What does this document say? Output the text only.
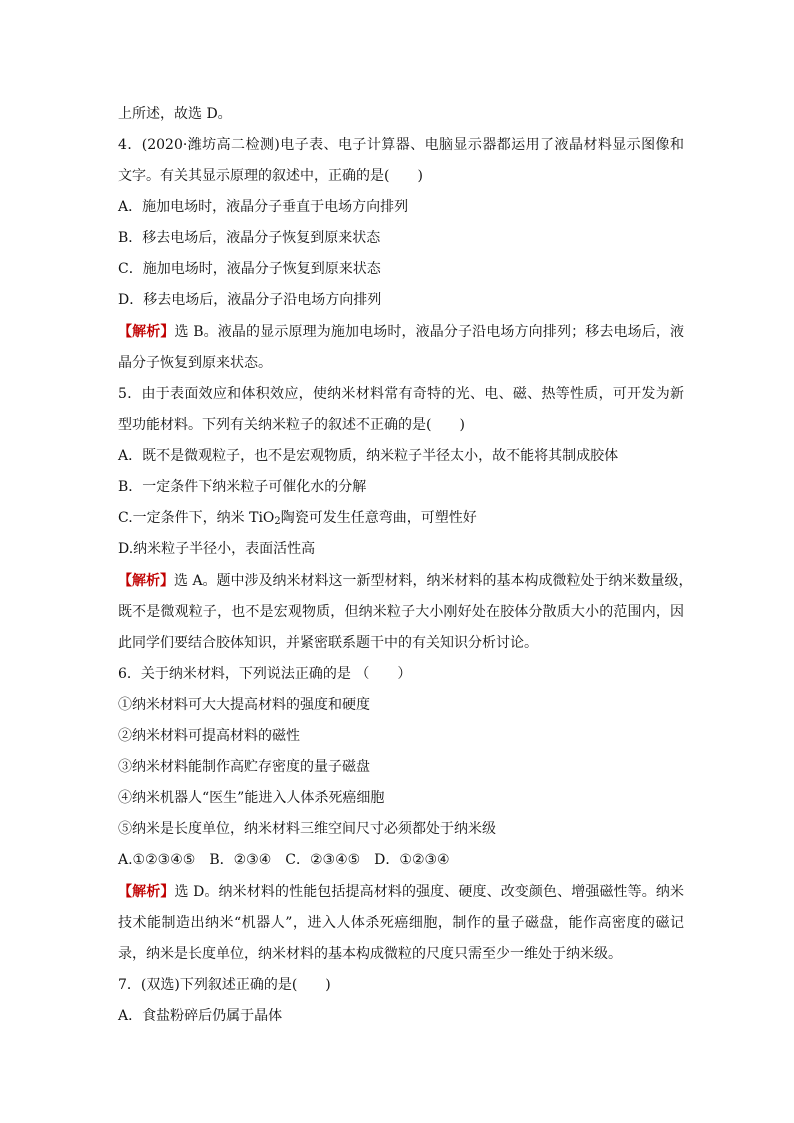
上所述，故选 D。
4．(2020·潍坊高二检测)电子表、电子计算器、电脑显示器都运用了液晶材料显示图像和
文字。有关其显示原理的叙述中，正确的是(　　)
A．施加电场时，液晶分子垂直于电场方向排列
B．移去电场后，液晶分子恢复到原来状态
C．施加电场时，液晶分子恢复到原来状态
D．移去电场后，液晶分子沿电场方向排列
【解析】选 B。液晶的显示原理为施加电场时，液晶分子沿电场方向排列；移去电场后，液
晶分子恢复到原来状态。
5．由于表面效应和体积效应，使纳米材料常有奇特的光、电、磁、热等性质，可开发为新
型功能材料。下列有关纳米粒子的叙述不正确的是(　　)
A．既不是微观粒子，也不是宏观物质，纳米粒子半径太小，故不能将其制成胶体
B．一定条件下纳米粒子可催化水的分解
C.一定条件下，纳米 TiO$_2$陶瓷可发生任意弯曲，可塑性好
D.纳米粒子半径小，表面活性高
【解析】选 A。题中涉及纳米材料这一新型材料，纳米材料的基本构成微粒处于纳米数量级，
既不是微观粒子，也不是宏观物质，但纳米粒子大小刚好处在胶体分散质大小的范围内，因
此同学们要结合胶体知识，并紧密联系题干中的有关知识分析讨论。
6．关于纳米材料，下列说法正确的是 （　　）
①纳米材料可大大提高材料的强度和硬度
②纳米材料可提高材料的磁性
③纳米材料能制作高贮存密度的量子磁盘
④纳米机器人“医生”能进入人体杀死癌细胞
⑤纳米是长度单位，纳米材料三维空间尺寸必须都处于纳米级
A.①②③④⑤　B．②③④　C．②③④⑤　D．①②③④
【解析】选 D。纳米材料的性能包括提高材料的强度、硬度、改变颜色、增强磁性等。纳米
技术能制造出纳米“机器人”，进入人体杀死癌细胞，制作的量子磁盘，能作高密度的磁记
录，纳米是长度单位，纳米材料的基本构成微粒的尺度只需至少一维处于纳米级。
7．(双选)下列叙述正确的是(　　)
A．食盐粉碎后仍属于晶体
